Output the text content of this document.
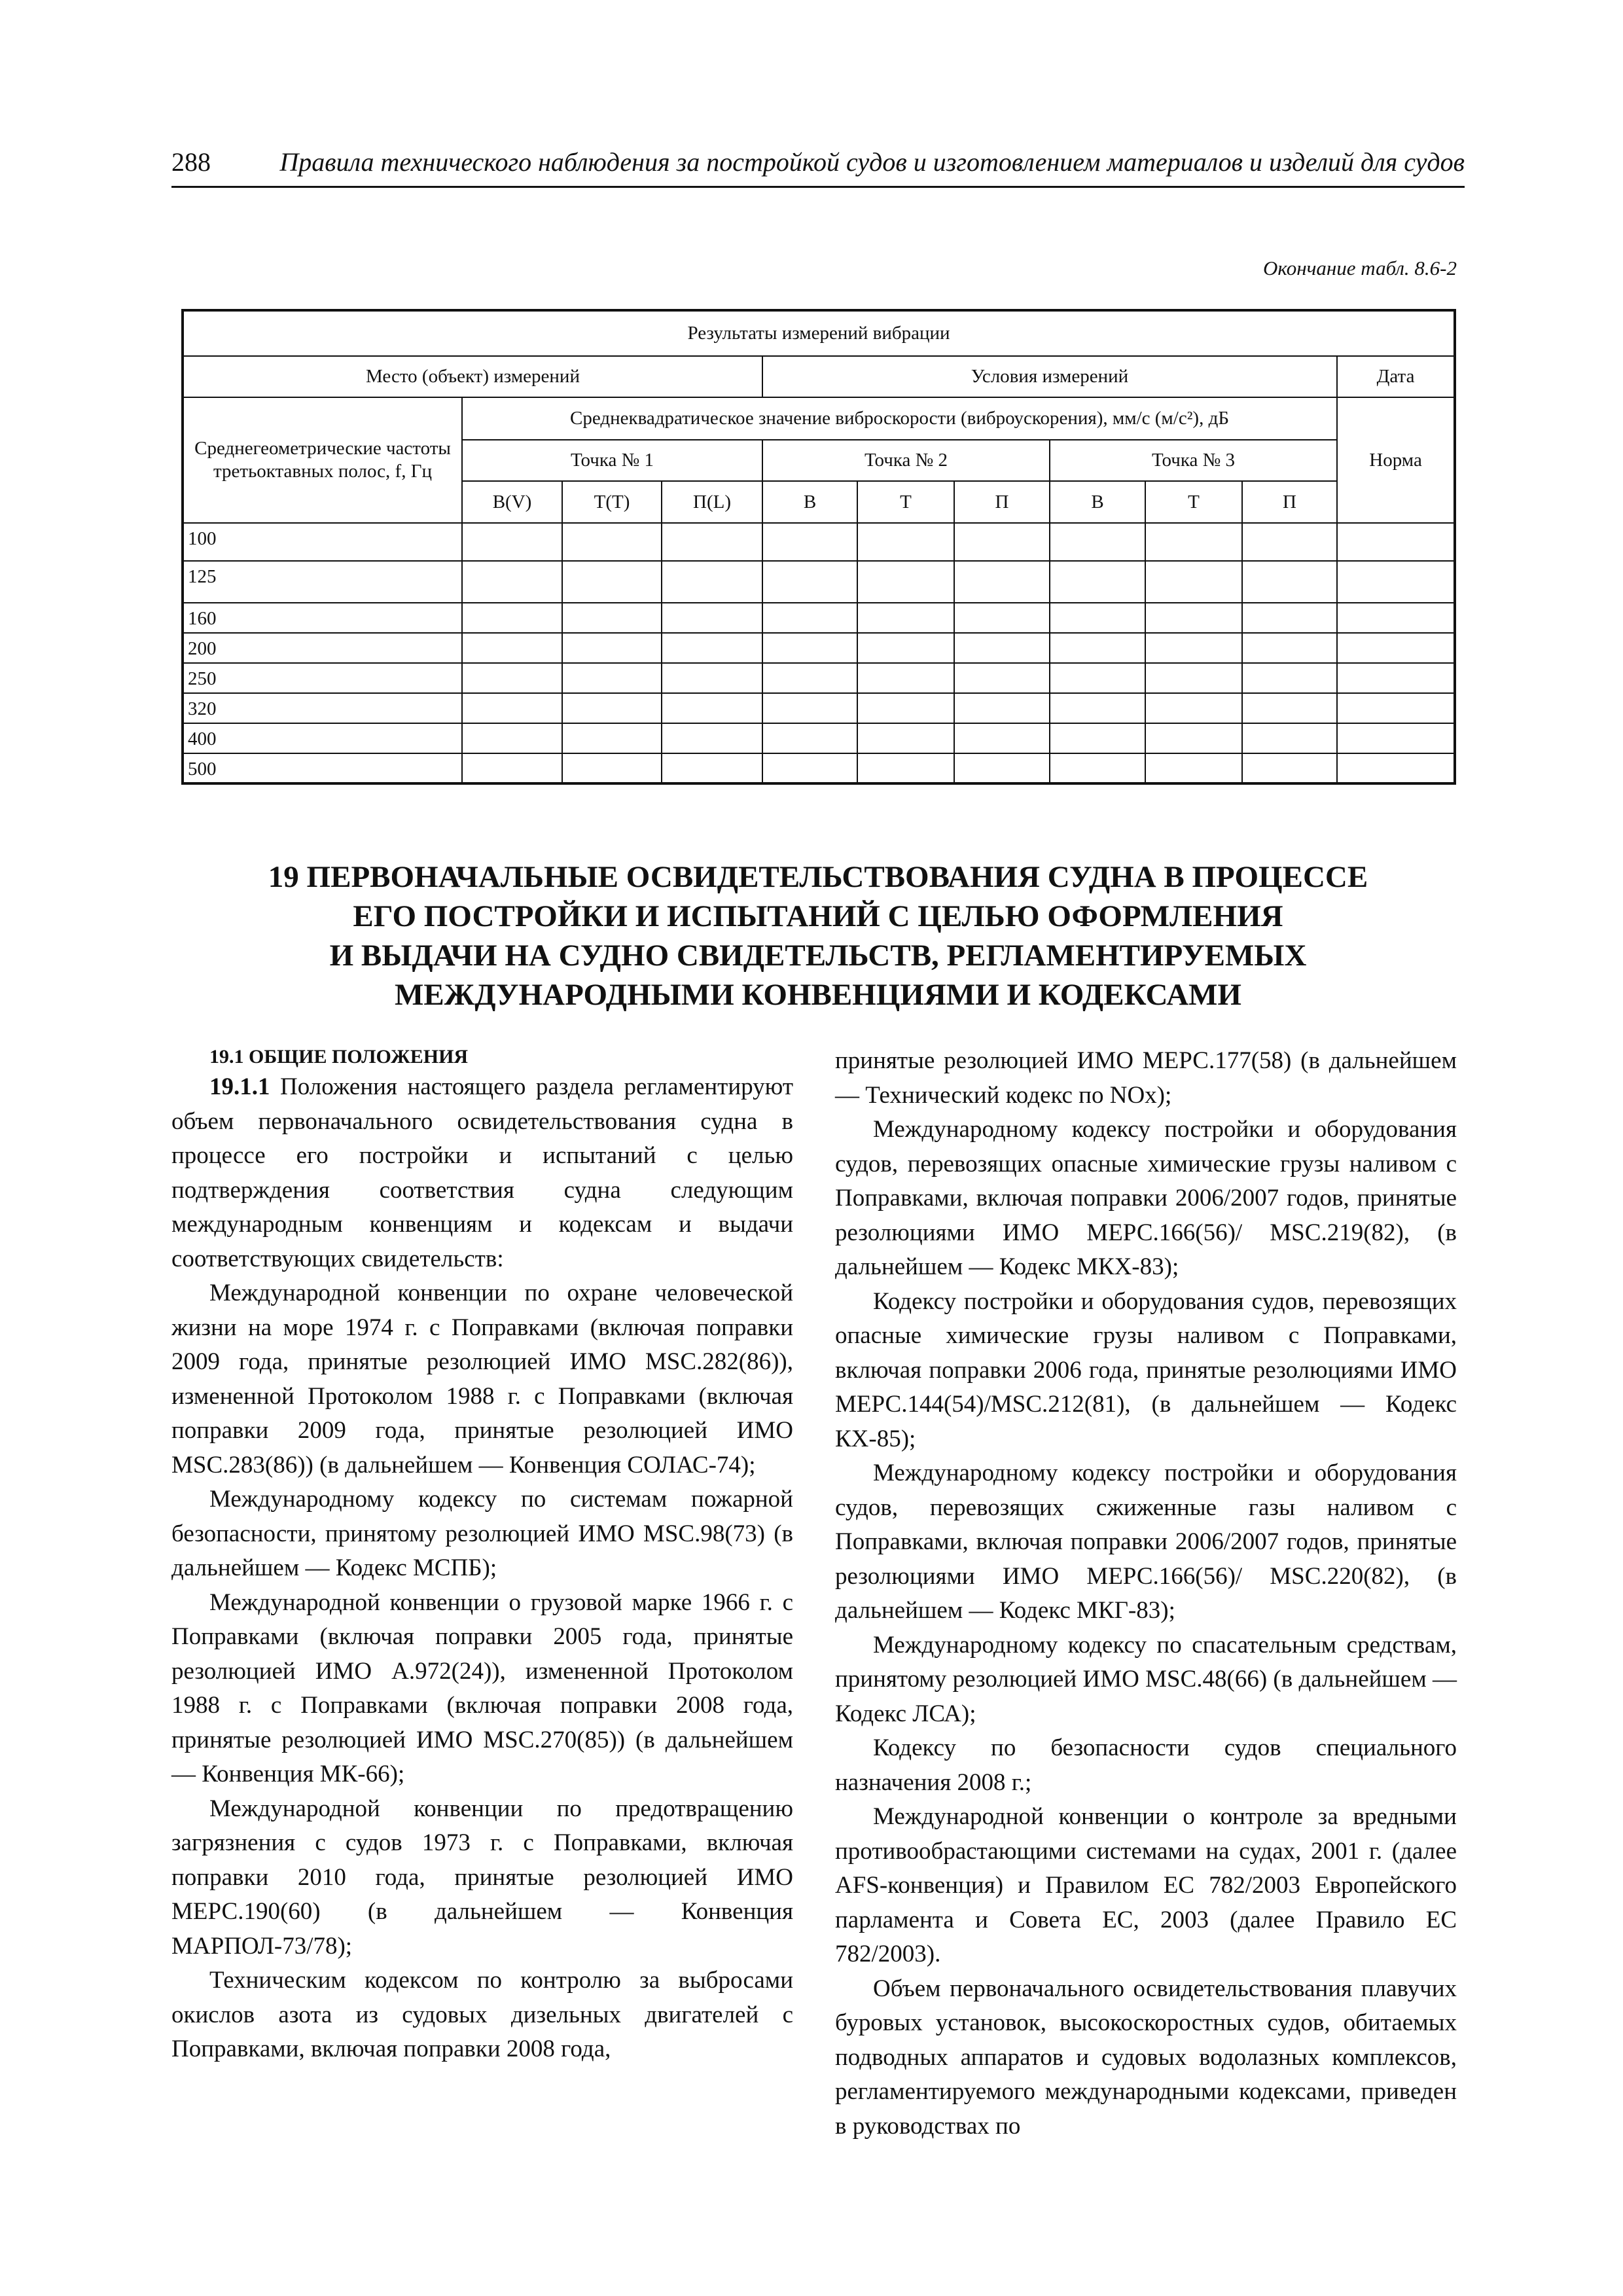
288	Правила технического наблюдения за постройкой судов и изготовлением материалов и изделий для судов
Окончание табл. 8.6-2
Результаты измерений вибрации										
Место (объект) измерений				Условия измерений						Дата
Среднегеометрические частоты третьоктавных полос, f, Гц	Среднеквадратическое значение виброскорости (виброускорения), мм/с (м/с²), дБ									Норма
	Точка № 1			Точка № 2			Точка № 3			
	В(V)	Т(T)	П(L)	В	Т	П	В	Т	П	
100										
125										
160										
200										
250										
320										
400										
500										
19 ПЕРВОНАЧАЛЬНЫЕ ОСВИДЕТЕЛЬСТВОВАНИЯ СУДНА В ПРОЦЕССЕ
ЕГО ПОСТРОЙКИ И ИСПЫТАНИЙ С ЦЕЛЬЮ ОФОРМЛЕНИЯ
И ВЫДАЧИ НА СУДНО СВИДЕТЕЛЬСТВ, РЕГЛАМЕНТИРУЕМЫХ
МЕЖДУНАРОДНЫМИ КОНВЕНЦИЯМИ И КОДЕКСАМИ

19.1 ОБЩИЕ ПОЛОЖЕНИЯ

19.1.1 Положения настоящего раздела регламентируют объем первоначального освидетельствования судна в процессе его постройки и испытаний с целью подтверждения соответствия судна следующим международным конвенциям и кодексам и выдачи соответствующих свидетельств:

Международной конвенции по охране человеческой жизни на море 1974 г. с Поправками (включая поправки 2009 года, принятые резолюцией ИМО MSC.282(86)), измененной Протоколом 1988 г. с Поправками (включая поправки 2009 года, принятые резолюцией ИМО MSC.283(86)) (в дальнейшем — Конвенция СОЛАС-74);

Международному кодексу по системам пожарной безопасности, принятому резолюцией ИМО MSC.98(73) (в дальнейшем — Кодекс МСПБ);

Международной конвенции о грузовой марке 1966 г. с Поправками (включая поправки 2005 года, принятые резолюцией ИМО А.972(24)), измененной Протоколом 1988 г. с Поправками (включая поправки 2008 года, принятые резолюцией ИМО MSC.270(85)) (в дальнейшем — Конвенция МК-66);

Международной конвенции по предотвращению загрязнения с судов 1973 г. с Поправками, включая поправки 2010 года, принятые резолюцией ИМО МЕРС.190(60) (в дальнейшем — Конвенция МАРПОЛ-73/78);

Техническим кодексом по контролю за выбросами окислов азота из судовых дизельных двигателей с Поправками, включая поправки 2008 года,

принятые резолюцией ИМО МЕРС.177(58) (в дальнейшем — Технический кодекс по NOx);

Международному кодексу постройки и оборудования судов, перевозящих опасные химические грузы наливом с Поправками, включая поправки 2006/2007 годов, принятые резолюциями ИМО МЕРС.166(56)/ MSC.219(82), (в дальнейшем — Кодекс МКХ-83);

Кодексу постройки и оборудования судов, перевозящих опасные химические грузы наливом с Поправками, включая поправки 2006 года, принятые резолюциями ИМО МЕРС.144(54)/MSC.212(81), (в дальнейшем — Кодекс КХ-85);

Международному кодексу постройки и оборудования судов, перевозящих сжиженные газы наливом с Поправками, включая поправки 2006/2007 годов, принятые резолюциями ИМО МЕРС.166(56)/ MSC.220(82), (в дальнейшем — Кодекс МКГ-83);

Международному кодексу по спасательным средствам, принятому резолюцией ИМО MSC.48(66) (в дальнейшем — Кодекс ЛСА);

Кодексу по безопасности судов специального назначения 2008 г.;

Международной конвенции о контроле за вредными противообрастающими системами на судах, 2001 г. (далее AFS-конвенция) и Правилом ЕС 782/2003 Европейского парламента и Совета ЕС, 2003 (далее Правило ЕС 782/2003).

Объем первоначального освидетельствования плавучих буровых установок, высокоскоростных судов, обитаемых подводных аппаратов и судовых водолазных комплексов, регламентируемого международными кодексами, приведен в руководствах по
